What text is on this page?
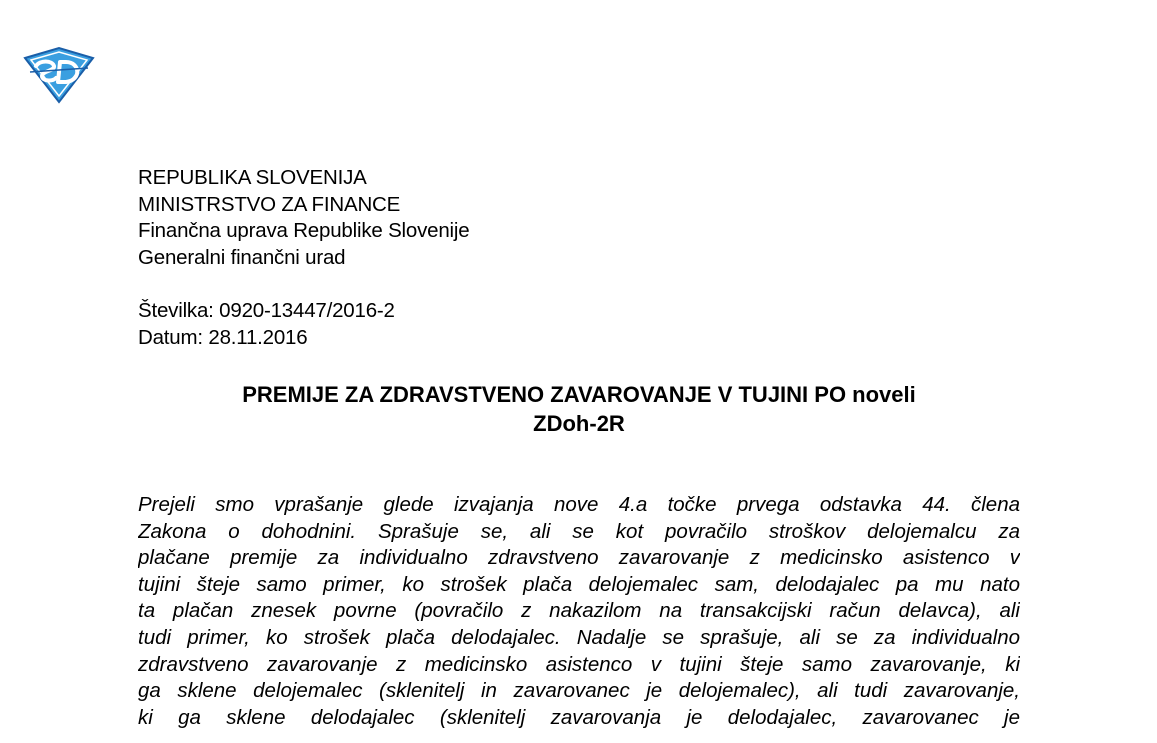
REPUBLIKA SLOVENIJA
MINISTRSTVO ZA FINANCE
Finančna uprava Republike Slovenije
Generalni finančni urad
Številka: 0920-13447/2016-2
Datum: 28.11.2016
PREMIJE ZA ZDRAVSTVENO ZAVAROVANJE V TUJINI PO noveli
ZDoh-2R
Prejeli smo vprašanje glede izvajanja nove 4.a točke prvega odstavka 44. člena
Zakona o dohodnini. Sprašuje se, ali se kot povračilo stroškov delojemalcu za
plačane premije za individualno zdravstveno zavarovanje z medicinsko asistenco v
tujini šteje samo primer, ko strošek plača delojemalec sam, delodajalec pa mu nato
ta plačan znesek povrne (povračilo z nakazilom na transakcijski račun delavca), ali
tudi primer, ko strošek plača delodajalec. Nadalje se sprašuje, ali se za individualno
zdravstveno zavarovanje z medicinsko asistenco v tujini šteje samo zavarovanje, ki
ga sklene delojemalec (sklenitelj in zavarovanec je delojemalec), ali tudi zavarovanje,
ki ga sklene delodajalec (sklenitelj zavarovanja je delodajalec, zavarovanec je
